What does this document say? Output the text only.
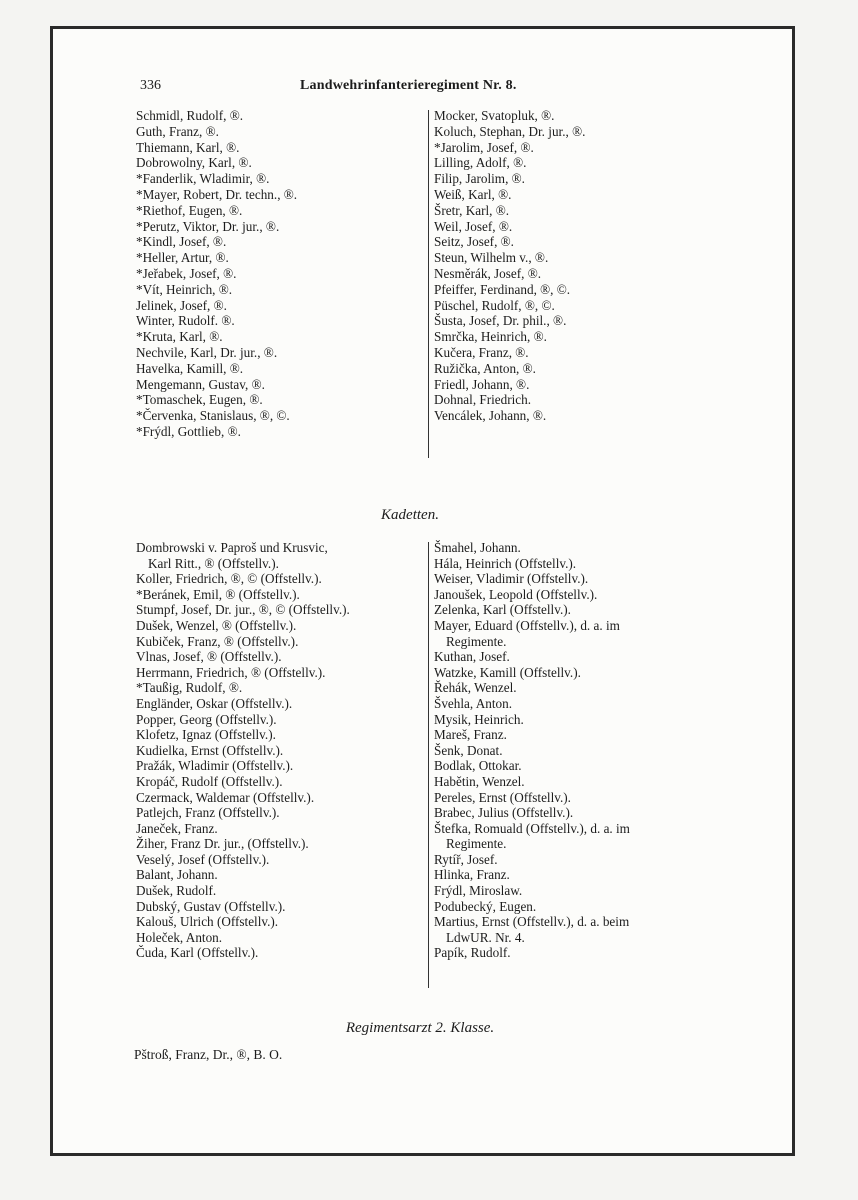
336	Landwehrinfanterieregiment Nr. 8.
Schmidl, Rudolf, ®.
Guth, Franz, ®.
Thiemann, Karl, ®.
Dobrowolny, Karl, ®.
*Fanderlik, Wladimir, ®.
*Mayer, Robert, Dr. techn., ®.
*Riethof, Eugen, ®.
*Perutz, Viktor, Dr. jur., ®.
*Kindl, Josef, ®.
*Heller, Artur, ®.
*Jeřabek, Josef, ®.
*Vít, Heinrich, ®.
Jelinek, Josef, ®.
Winter, Rudolf. ®.
*Kruta, Karl, ®.
Nechvile, Karl, Dr. jur., ®.
Havelka, Kamill, ®.
Mengemann, Gustav, ®.
*Tomaschek, Eugen, ®.
*Červenka, Stanislaus, ®, ©.
*Frýdl, Gottlieb, ®.
Mocker, Svatopluk, ®.
Koluch, Stephan, Dr. jur., ®.
*Jarolim, Josef, ®.
Lilling, Adolf, ®.
Filip, Jarolim, ®.
Weiß, Karl, ®.
Šretr, Karl, ®.
Weil, Josef, ®.
Seitz, Josef, ®.
Steun, Wilhelm v., ®.
Nesměrák, Josef, ®.
Pfeiffer, Ferdinand, ®, ©.
Püschel, Rudolf, ®, ©.
Šusta, Josef, Dr. phil., ®.
Smrčka, Heinrich, ®.
Kučera, Franz, ®.
Ružička, Anton, ®.
Friedl, Johann, ®.
Dohnal, Friedrich.
Vencálek, Johann, ®.
Kadetten.
Dombrowski v. Paproš und Krusvic,
Karl Ritt., ® (Offstellv.).
Koller, Friedrich, ®, © (Offstellv.).
*Beránek, Emil, ® (Offstellv.).
Stumpf, Josef, Dr. jur., ®, © (Offstellv.).
Dušek, Wenzel, ® (Offstellv.).
Kubiček, Franz, ® (Offstellv.).
Vlnas, Josef, ® (Offstellv.).
Herrmann, Friedrich, ® (Offstellv.).
*Taußig, Rudolf, ®.
Engländer, Oskar (Offstellv.).
Popper, Georg (Offstellv.).
Klofetz, Ignaz (Offstellv.).
Kudielka, Ernst (Offstellv.).
Pražák, Wladimir (Offstellv.).
Kropáč, Rudolf (Offstellv.).
Czermack, Waldemar (Offstellv.).
Patlejch, Franz (Offstellv.).
Janeček, Franz.
Žiher, Franz Dr. jur., (Offstellv.).
Veselý, Josef (Offstellv.).
Balant, Johann.
Dušek, Rudolf.
Dubský, Gustav (Offstellv.).
Kalouš, Ulrich (Offstellv.).
Holeček, Anton.
Čuda, Karl (Offstellv.).
Šmahel, Johann.
Hála, Heinrich (Offstellv.).
Weiser, Vladimir (Offstellv.).
Janoušek, Leopold (Offstellv.).
Zelenka, Karl (Offstellv.).
Mayer, Eduard (Offstellv.), d. a. im
Regimente.
Kuthan, Josef.
Watzke, Kamill (Offstellv.).
Řehák, Wenzel.
Švehla, Anton.
Mysik, Heinrich.
Mareš, Franz.
Šenk, Donat.
Bodlak, Ottokar.
Habětin, Wenzel.
Pereles, Ernst (Offstellv.).
Brabec, Julius (Offstellv.).
Štefka, Romuald (Offstellv.), d. a. im
Regimente.
Rytíř, Josef.
Hlinka, Franz.
Frýdl, Miroslaw.
Podubecký, Eugen.
Martius, Ernst (Offstellv.), d. a. beim
LdwUR. Nr. 4.
Papík, Rudolf.
Regimentsarzt 2. Klasse.
Pštroß, Franz, Dr., ®, B. O.
